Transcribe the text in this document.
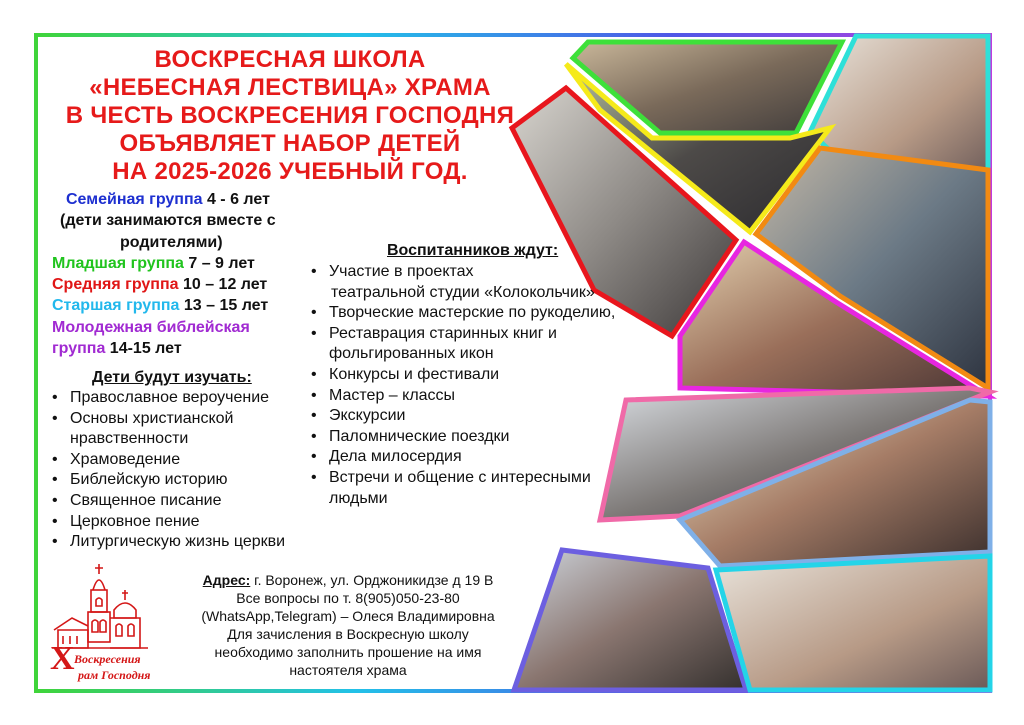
ВОСКРЕСНАЯ ШКОЛА
«НЕБЕСНАЯ ЛЕСТВИЦА» ХРАМА
В ЧЕСТЬ ВОСКРЕСЕНИЯ ГОСПОДНЯ
ОБЪЯВЛЯЕТ НАБОР ДЕТЕЙ
НА 2025-2026 УЧЕБНЫЙ ГОД.
Семейная группа 4 - 6 лет
(дети занимаются вместе с
родителями)
Младшая группа 7 – 9 лет
Средняя группа 10 – 12 лет
Старшая группа 13 – 15 лет
Молодежная библейская
группа 14-15 лет
Дети будут изучать:
• Православное вероучение
• Основы христианской
нравственности
• Храмоведение
• Библейскую историю
• Священное писание
• Церковное пение
• Литургическую жизнь церкви
Воспитанников ждут:
• Участие в проектах
театральной студии «Колокольчик»
• Творческие мастерские по рукоделию,
• Реставрация старинных книг и
фольгированных икон
• Конкурсы и фестивали
• Мастер – классы
• Экскурсии
• Паломнические поездки
• Дела милосердия
• Встречи и общение с интересными
людьми
Адрес: г. Воронеж, ул. Орджоникидзе д 19 В
Все вопросы по т. 8(905)050-23-80
(WhatsApp,Telegram) – Олеся Владимировна
Для зачисления в Воскресную школу
необходимо заполнить прошение на имя
настоятеля храма
Х Воскресения
рам Господня
